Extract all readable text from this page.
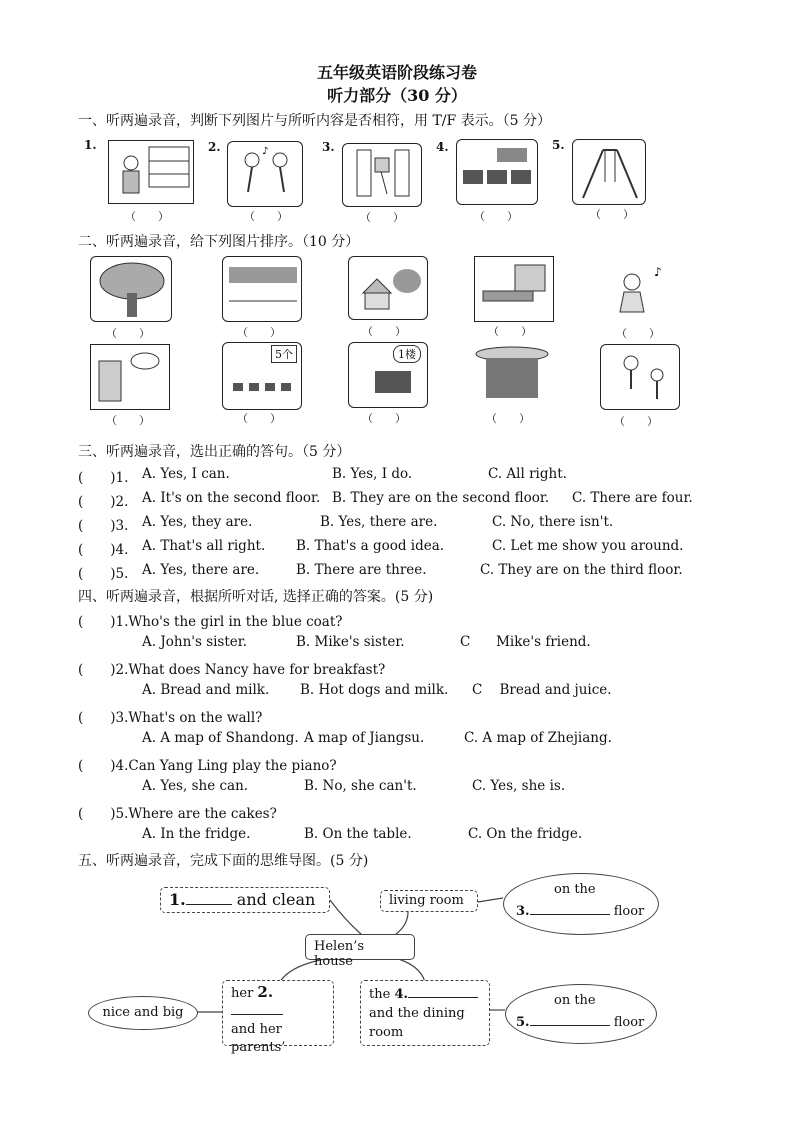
五年级英语阶段练习卷
听力部分（30 分）
一、听两遍录音，判断下列图片与所听内容是否相符，用 T/F 表示。（5 分）
1.
（　　）
2.	♪
（　　）
3.
（　　）
4.
（　　）
5.
（　　）
二、听两遍录音，给下列图片排序。（10 分）
（　　）	（　　）	（　　）	（　　）
♪
（　　）
（　　）
5个
（　　）
1楼
（　　）	（　　）	（　　）
三、听两遍录音，选出正确的答句。（5 分）
(　　)1. A. Yes, I can.	B. Yes, I do.	C. All right.
(　　)2. A. It's on the second floor. B. They are on the second floor. C. There are four.
(　　)3. A. Yes, they are.	B. Yes, there are.	C. No, there isn't.
(　　)4. A. That's all right. B. That's a good idea.	C. Let me show you around.
(　　)5. A. Yes, there are.	B. There are three.	C. They are on the third floor.
四、听两遍录音，根据所听对话, 选择正确的答案。(5 分)
(　　)1.Who's the girl in the blue coat?
A. John's sister.	B. Mike's sister.	C      Mike's friend.
(　　)2.What does Nancy have for breakfast?
A. Bread and milk. B. Hot dogs and milk. C    Bread and juice.
(　　)3.What's on the wall?
A. A map of Shandong. A map of Jiangsu.	C. A map of Zhejiang.
(　　)4.Can Yang Ling play the piano?
A. Yes, she can.	B. No, she can't.	C. Yes, she is.
(　　)5.Where are the cakes?
A. In the fridge.	B. On the table.	C. On the fridge.
五、听两遍录音，完成下面的思维导图。(5 分)
1.	and clean	living room
on the
3.	floor
Helen’s house
nice and big
her 2.
and her
parents’
the 4.
and the dining
room
on the
5.	floor
